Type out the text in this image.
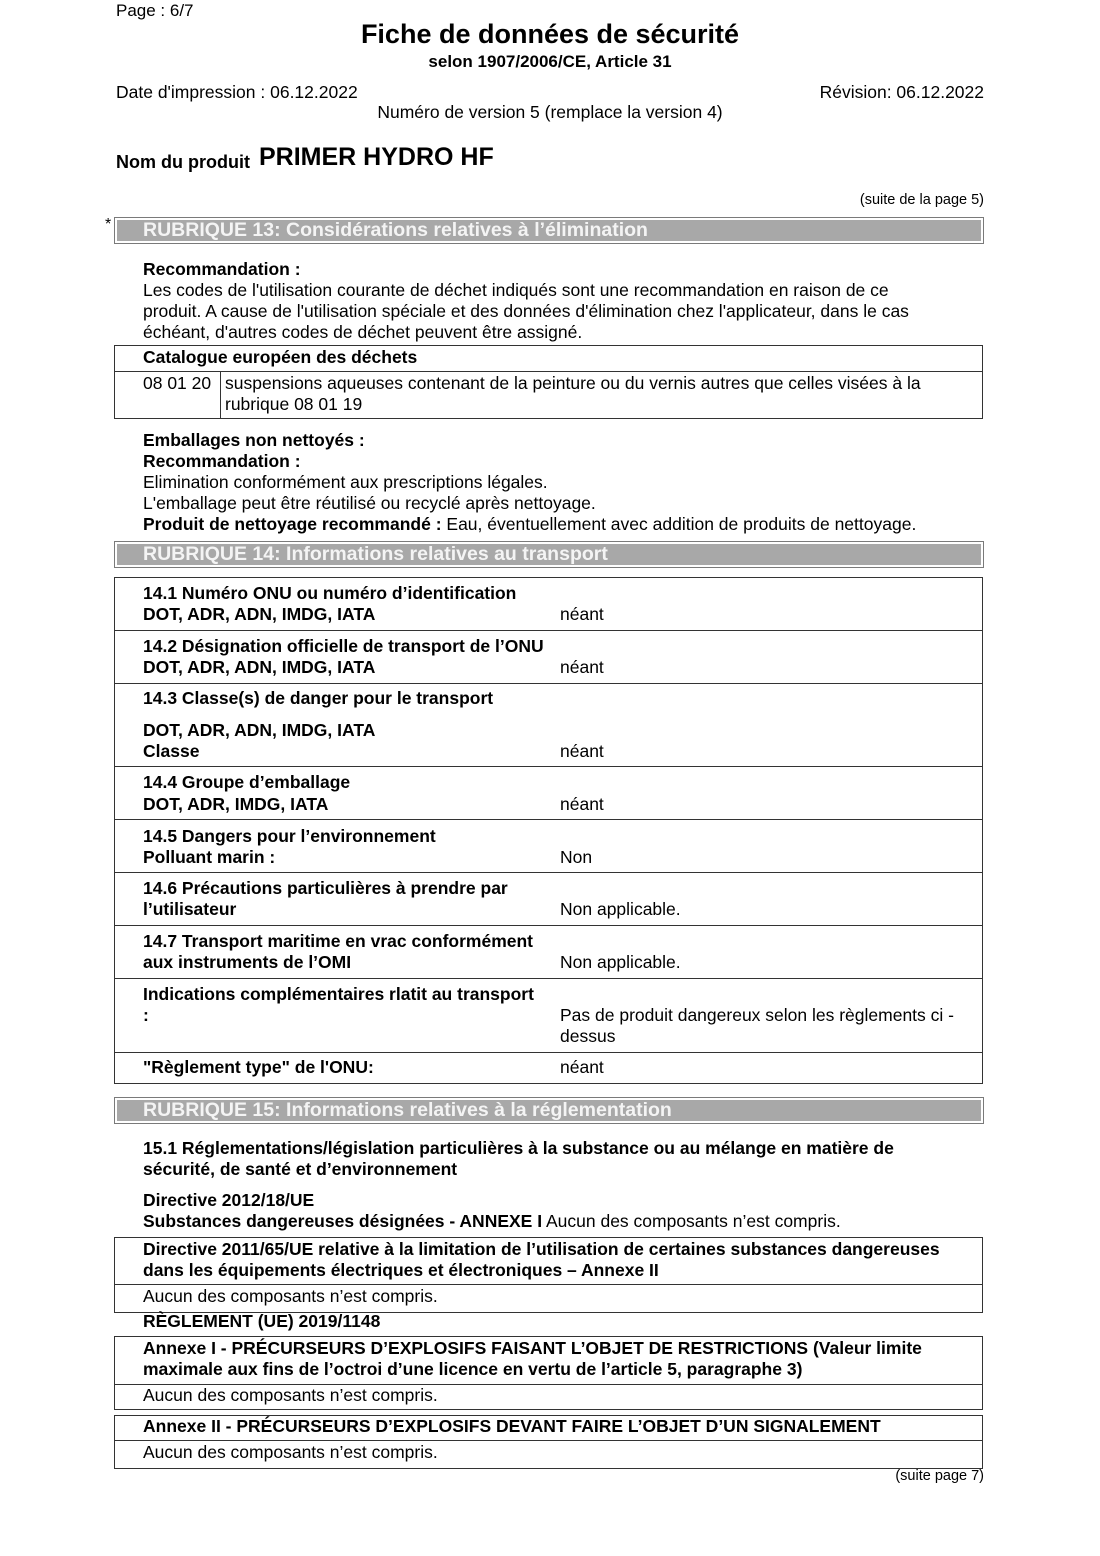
Page : 6/7
Fiche de données de sécurité
selon 1907/2006/CE, Article 31
Date d'impression : 06.12.2022	Révision: 06.12.2022
Numéro de version 5 (remplace la version 4)
Nom du produit PRIMER HYDRO HF
(suite de la page 5)
* RUBRIQUE 13: Considérations relatives à l’élimination
Recommandation :
Les codes de l'utilisation courante de déchet indiqués sont une recommandation en raison de ce
produit. A cause de l'utilisation spéciale et des données d'élimination chez l'applicateur, dans le cas
échéant, d'autres codes de déchet peuvent être assigné.
Catalogue européen des déchets
08 01 20 suspensions aqueuses contenant de la peinture ou du vernis autres que celles visées à la
rubrique 08 01 19
Emballages non nettoyés :
Recommandation :
Elimination conformément aux prescriptions légales.
L'emballage peut être réutilisé ou recyclé après nettoyage.
Produit de nettoyage recommandé : Eau, éventuellement avec addition de produits de nettoyage.
RUBRIQUE 14: Informations relatives au transport
14.1 Numéro ONU ou numéro d’identification
DOT, ADR, ADN, IMDG, IATA	néant
14.2 Désignation officielle de transport de l’ONU
DOT, ADR, ADN, IMDG, IATA	néant
14.3 Classe(s) de danger pour le transport
DOT, ADR, ADN, IMDG, IATA
Classe	néant
14.4 Groupe d’emballage
DOT, ADR, IMDG, IATA	néant
14.5 Dangers pour l’environnement
Polluant marin :	Non
14.6 Précautions particulières à prendre par
l’utilisateur	Non applicable.
14.7 Transport maritime en vrac conformément
aux instruments de l’OMI	Non applicable.
Indications complémentaires rlatit au transport
:	Pas de produit dangereux selon les règlements ci -
dessus
"Règlement type" de l'ONU:	néant
RUBRIQUE 15: Informations relatives à la réglementation
15.1 Réglementations/législation particulières à la substance ou au mélange en matière de
sécurité, de santé et d’environnement
Directive 2012/18/UE
Substances dangereuses désignées - ANNEXE I Aucun des composants n’est compris.
Directive 2011/65/UE relative à la limitation de l’utilisation de certaines substances dangereuses
dans les équipements électriques et électroniques – Annexe II
Aucun des composants n’est compris.
RÈGLEMENT (UE) 2019/1148
Annexe I - PRÉCURSEURS D’EXPLOSIFS FAISANT L’OBJET DE RESTRICTIONS (Valeur limite
maximale aux fins de l’octroi d’une licence en vertu de l’article 5, paragraphe 3)
Aucun des composants n’est compris.
Annexe II - PRÉCURSEURS D’EXPLOSIFS DEVANT FAIRE L’OBJET D’UN SIGNALEMENT
Aucun des composants n’est compris.
(suite page 7)
